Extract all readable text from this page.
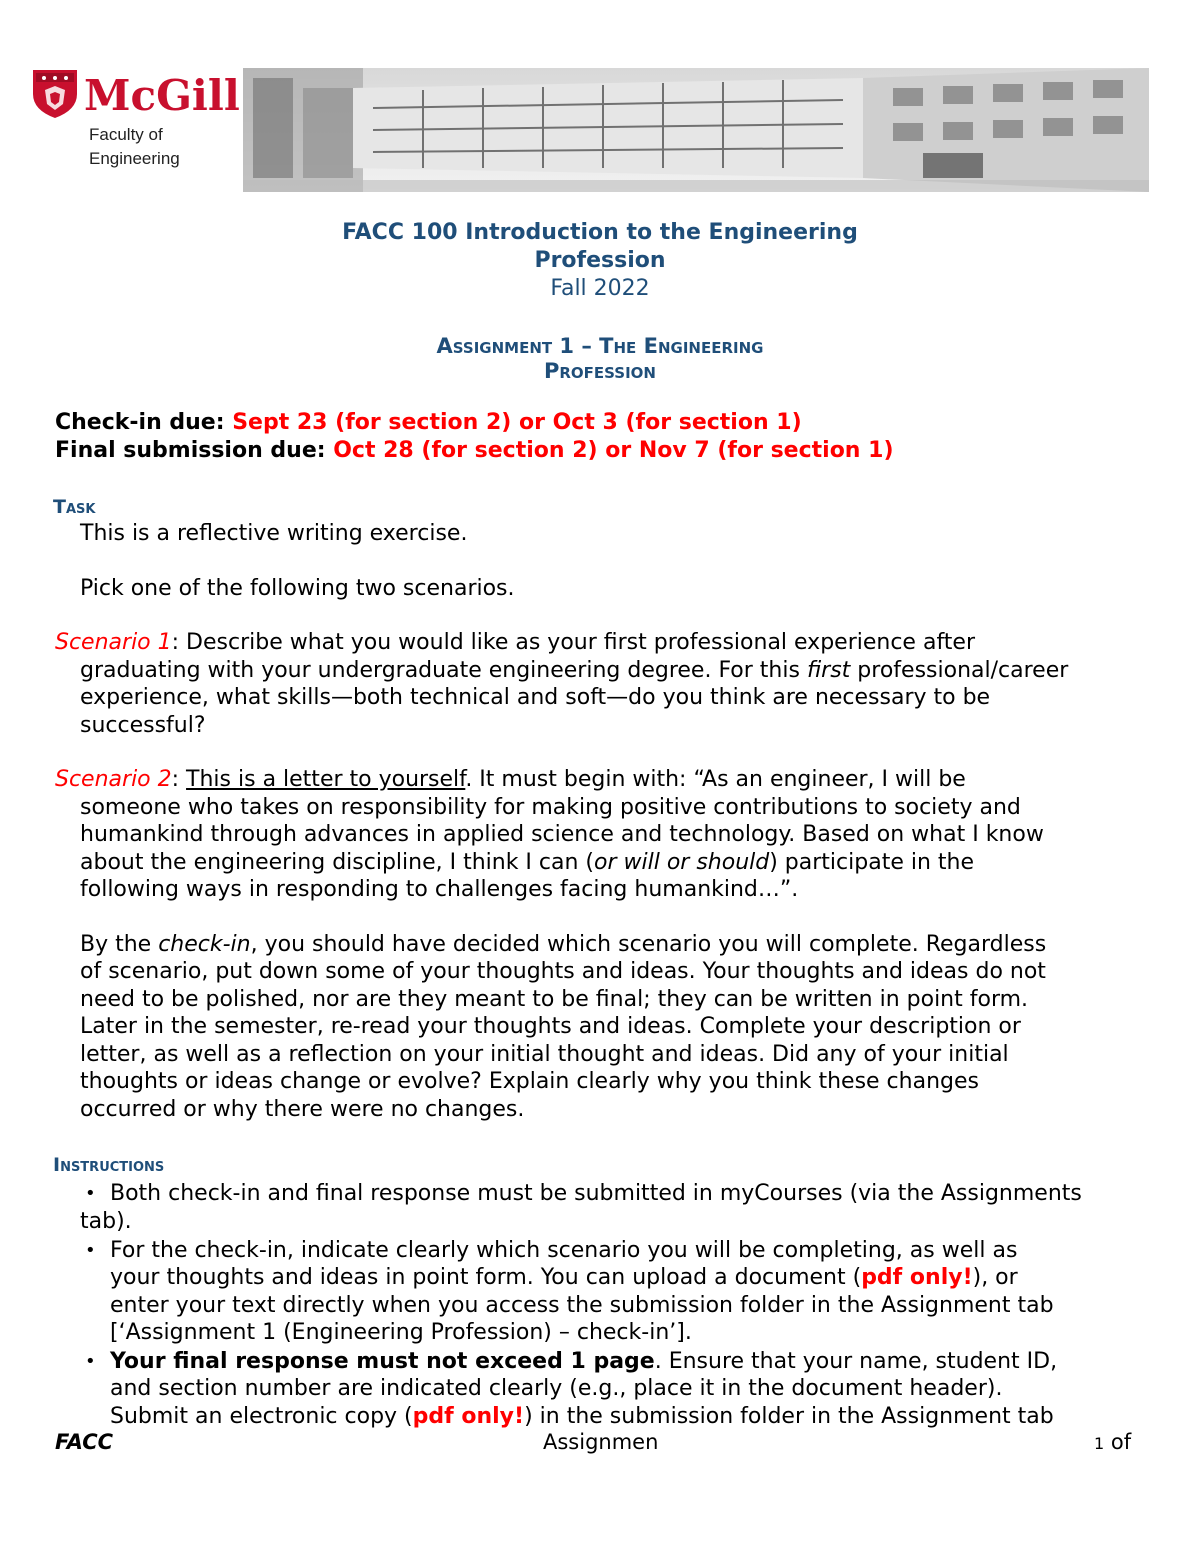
McGill
Faculty of
Engineering
FACC 100 Introduction to the Engineering
Profession
Fall 2022
Assignment 1 – The Engineering
Profession
Check-in due: Sept 23 (for section 2) or Oct 3 (for section 1)
Final submission due: Oct 28 (for section 2) or Nov 7 (for section 1)
Task
This is a reflective writing exercise.
Pick one of the following two scenarios.
Scenario 1: Describe what you would like as your first professional experience after
graduating with your undergraduate engineering degree. For this first professional/career
experience, what skills—both technical and soft—do you think are necessary to be
successful?
Scenario 2: This is a letter to yourself. It must begin with: “As an engineer, I will be
someone who takes on responsibility for making positive contributions to society and
humankind through advances in applied science and technology. Based on what I know
about the engineering discipline, I think I can (or will or should) participate in the
following ways in responding to challenges facing humankind…”.
By the check-in, you should have decided which scenario you will complete. Regardless
of scenario, put down some of your thoughts and ideas. Your thoughts and ideas do not
need to be polished, nor are they meant to be final; they can be written in point form.
Later in the semester, re-read your thoughts and ideas. Complete your description or
letter, as well as a reflection on your initial thought and ideas. Did any of your initial
thoughts or ideas change or evolve? Explain clearly why you think these changes
occurred or why there were no changes.
Instructions
• Both check-in and final response must be submitted in myCourses (via the Assignments
tab).
• For the check-in, indicate clearly which scenario you will be completing, as well as
your thoughts and ideas in point form. You can upload a document (pdf only!), or
enter your text directly when you access the submission folder in the Assignment tab
[‘Assignment 1 (Engineering Profession) – check-in’].
• Your final response must not exceed 1 page. Ensure that your name, student ID,
and section number are indicated clearly (e.g., place it in the document header).
Submit an electronic copy (pdf only!) in the submission folder in the Assignment tab
FACC	Assignmen	1 of
